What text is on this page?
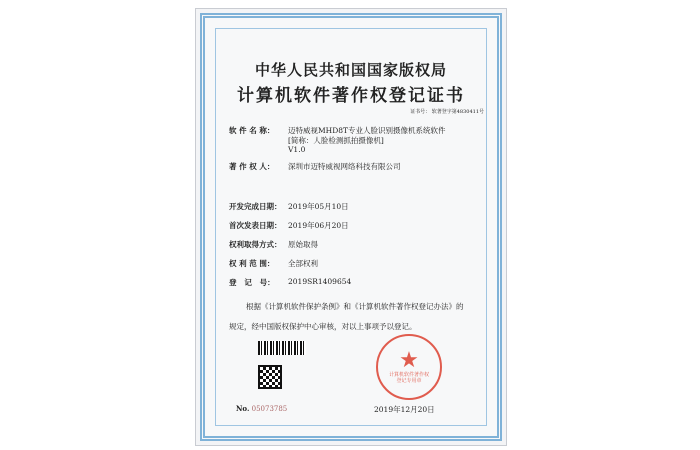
中华人民共和国国家版权局
计算机软件著作权登记证书
证书号： 软著登字第4830411号
软 件 名 称： 迈特威视MHD8T专业人脸识别摄像机系统软件
[简称：人脸检测抓拍摄像机]
V1.0
著 作 权 人： 深圳市迈特威视网络科技有限公司
开发完成日期： 2019年05月10日
首次发表日期： 2019年06月20日
权利取得方式： 原始取得
权 利 范 围： 全部权利
登   记   号： 2019SR1409654
根据《计算机软件保护条例》和《计算机软件著作权登记办法》的
规定，经中国版权保护中心审核，对以上事项予以登记。
No. 05073785
★
计算机软件著作权
登记专用章
2019年12月20日
